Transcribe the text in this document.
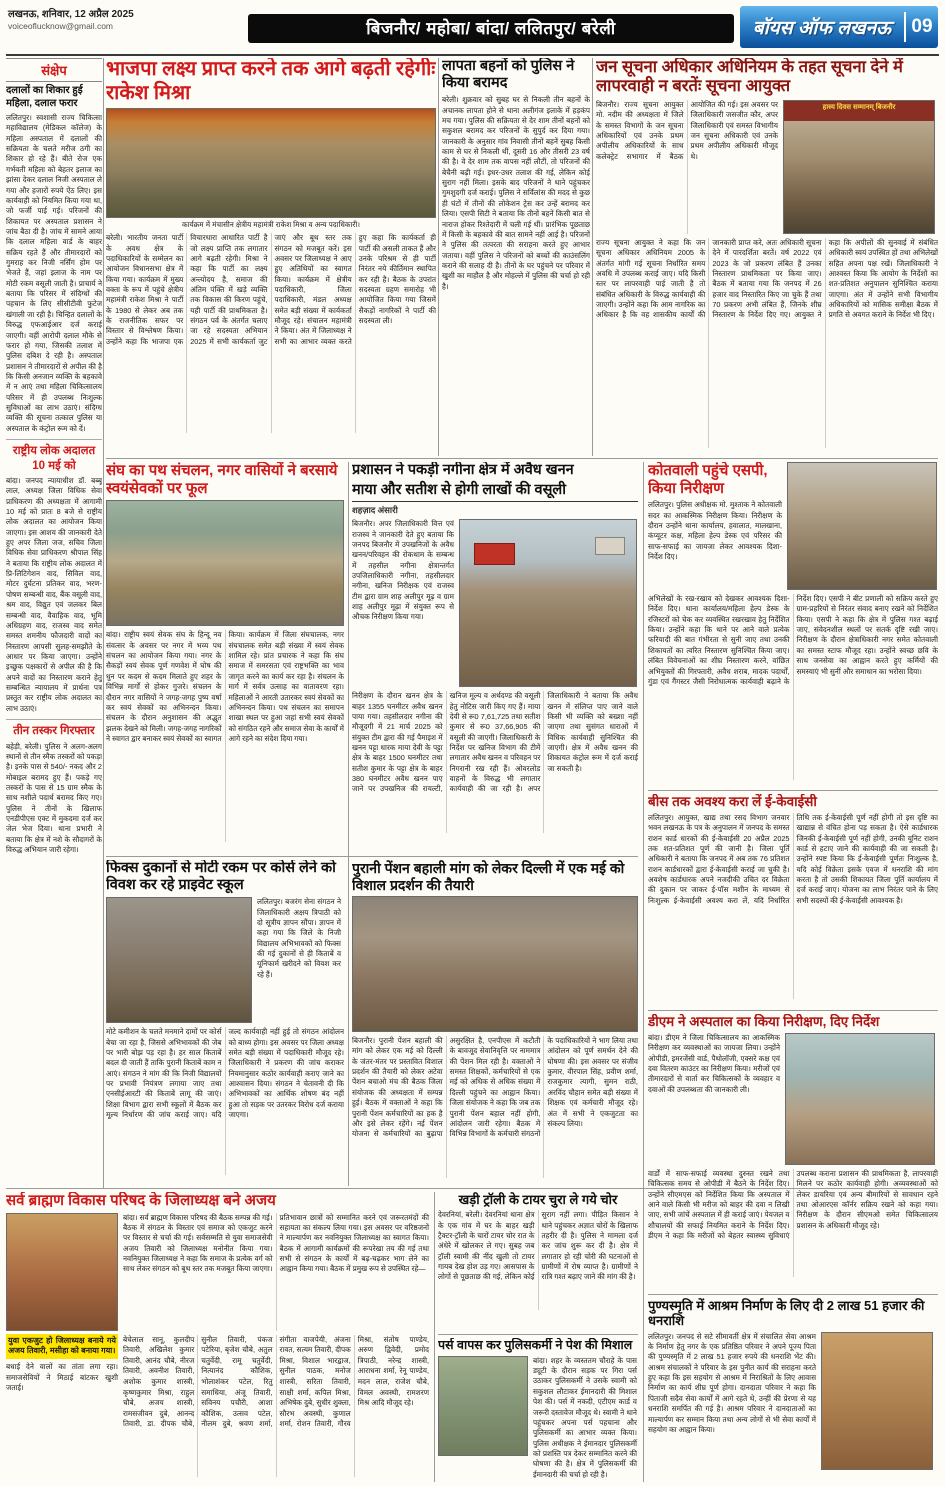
लखनऊ, शनिवार, 12 अप्रैल 2025
voiceoflucknow@gmail.com	बिजनौर/ महोबा/ बांदा/ ललितपुर/ बरेली	बॉयस ऑफ लखनऊ	09
संक्षेप
दलालों का शिकार हुई महिला, दलाल फरार
ललितपुर। स्वशासी राज्य चिकित्सा महाविद्यालय (मेडिकल कॉलेज) के महिला अस्पताल में दलालों की सक्रियता के चलते मरीज ठगी का शिकार हो रहे हैं। बीते रोज एक गर्भवती महिला को बेहतर इलाज का झांसा देकर दलाल निजी अस्पताल ले गया और हजारों रुपये ऐंठ लिए। इस कार्यवाही को नियमित किया गया था, जो फर्जी पाई गई। परिजनों की शिकायत पर अस्पताल प्रशासन ने जांच बैठा दी है। जांच में सामने आया कि दलाल महिला वार्ड के बाहर सक्रिय रहते हैं और तीमारदारों को गुमराह कर निजी नर्सिंग होम पर भेजते हैं, जहां इलाज के नाम पर मोटी रकम वसूली जाती है। प्राचार्य ने बताया कि परिसर में संदिग्धों की पहचान के लिए सीसीटीवी फुटेज खंगाली जा रही है। चिन्हित दलालों के विरुद्ध एफआईआर दर्ज कराई जाएगी। वहीं आरोपी दलाल मौके से फरार हो गया, जिसकी तलाश में पुलिस दबिश दे रही है। अस्पताल प्रशासन ने तीमारदारों से अपील की है कि किसी अनजान व्यक्ति के बहकावे में न आएं तथा महिला चिकित्सालय परिसर में ही उपलब्ध निःशुल्क सुविधाओं का लाभ उठाएं। संदिग्ध व्यक्ति की सूचना तत्काल पुलिस या अस्पताल के कंट्रोल रूम को दें।
राष्ट्रीय लोक अदालत 10 मई को
बांदा। जनपद न्यायाधीश डॉ. बब्बू लाल, अध्यक्ष जिला विधिक सेवा प्राधिकरण की अध्यक्षता में आगामी 10 मई को प्रातः 8 बजे से राष्ट्रीय लोक अदालत का आयोजन किया जाएगा। इस आशय की जानकारी देते हुए अपर जिला जज, सचिव जिला विधिक सेवा प्राधिकरण श्रीपाल सिंह ने बताया कि राष्ट्रीय लोक अदालत में प्रि-लिटिगेशन वाद, सिविल वाद, मोटर दुर्घटना प्रतिकर वाद, भरण-पोषण सम्बन्धी वाद, बैंक वसूली वाद, श्रम वाद, विद्युत एवं जलकर बिल सम्बन्धी वाद, वैवाहिक वाद, भूमि अधिग्रहण वाद, राजस्व वाद समेत समस्त शमनीय फौजदारी वादों का निस्तारण आपसी सुलह-समझौते के आधार पर किया जाएगा। उन्होंने इच्छुक पक्षकारों से अपील की है कि अपने वादों का निस्तारण कराने हेतु सम्बन्धित न्यायालय में प्रार्थना पत्र प्रस्तुत कर राष्ट्रीय लोक अदालत का लाभ उठाएं।
तीन तस्कर गिरफ्तार
बहेड़ी, बरेली। पुलिस ने अलग-अलग स्थानों से तीन स्मैक तस्करों को पकड़ा है। इनके पास से 540/- नकद और 2 मोबाइल बरामद हुए हैं। पकड़े गए तस्करों के पास से 15 ग्राम स्मैक के साथ नशीले पदार्थ बरामद किए गए। पुलिस ने तीनों के खिलाफ एनडीपीएस एक्ट में मुकदमा दर्ज कर जेल भेज दिया। थाना प्रभारी ने बताया कि क्षेत्र में नशे के सौदागरों के विरुद्ध अभियान जारी रहेगा।
भाजपा लक्ष्य प्राप्त करने तक आगे बढ़ती रहेगीः राकेश मिश्रा
कार्यक्रम में मंचासीन क्षेत्रीय महामंत्री राकेश मिश्रा व अन्य पदाधिकारी।
बरेली। भारतीय जनता पार्टी के अवध क्षेत्र के पदाधिकारियों के सम्मेलन का आयोजन विधानसभा क्षेत्र में किया गया। कार्यक्रम में मुख्य वक्ता के रूप में पहुंचे क्षेत्रीय महामंत्री राकेश मिश्रा ने पार्टी के 1980 से लेकर अब तक के राजनीतिक सफर पर विस्तार से विश्लेषण किया। उन्होंने कहा कि भाजपा एक विचारधारा आधारित पार्टी है जो लक्ष्य प्राप्ति तक लगातार आगे बढ़ती रहेगी। मिश्रा ने कहा कि पार्टी का लक्ष्य अन्त्योदय है, समाज की अंतिम पंक्ति में खड़े व्यक्ति तक विकास की किरण पहुंचे, यही पार्टी की प्राथमिकता है। संगठन पर्व के अंतर्गत चलाए जा रहे सदस्यता अभियान 2025 में सभी कार्यकर्ता जुट जाएं और बूथ स्तर तक संगठन को मजबूत करें। इस अवसर पर जिलाध्यक्ष ने आए हुए अतिथियों का स्वागत किया। कार्यक्रम में क्षेत्रीय पदाधिकारी, जिला पदाधिकारी, मंडल अध्यक्ष समेत बड़ी संख्या में कार्यकर्ता मौजूद रहे। संचालन महामंत्री ने किया। अंत में जिलाध्यक्ष ने सभी का आभार व्यक्त करते हुए कहा कि कार्यकर्ता ही पार्टी की असली ताकत हैं और उनके परिश्रम से ही पार्टी निरंतर नये कीर्तिमान स्थापित कर रही है। बैठक के उपरांत सदस्यता ग्रहण समारोह भी आयोजित किया गया जिसमें सैकड़ों नागरिकों ने पार्टी की सदस्यता ली।
लापता बहनों को पुलिस ने किया बरामद
बरेली। शुक्रवार को सुबह घर से निकली तीन बहनों के अचानक लापता होने से थाना अलीगंज इलाके में हड़कंप मच गया। पुलिस की सक्रियता से देर शाम तीनों बहनों को सकुशल बरामद कर परिजनों के सुपुर्द कर दिया गया। जानकारी के अनुसार गांव निवासी तीनों बहनें सुबह किसी काम से घर से निकली थीं, दूसरी 16 और तीसरी 23 वर्ष की है। वे देर शाम तक वापस नहीं लौटीं, तो परिजनों की बेचैनी बढ़ी गई। इधर-उधर तलाश की गई, लेकिन कोई सुराग नहीं मिला। इसके बाद परिजनों ने थाने पहुंचकर गुमशुदगी दर्ज कराई। पुलिस ने सर्विलांस की मदद से कुछ ही घंटों में तीनों की लोकेशन ट्रेस कर उन्हें बरामद कर लिया। एसपी सिटी ने बताया कि तीनों बहनें किसी बात से नाराज होकर रिश्तेदारी में चली गई थीं। प्रारंभिक पूछताछ में किसी के बहकावे की बात सामने नहीं आई है। परिजनों ने पुलिस की तत्परता की सराहना करते हुए आभार जताया। वहीं पुलिस ने परिजनों को बच्चों की काउंसलिंग कराने की सलाह दी है। तीनों के घर पहुंचने पर परिवार में खुशी का माहौल है और मोहल्ले में पुलिस की चर्चा हो रही है।
जन सूचना अधिकार अधिनियम के तहत सूचना देने में लापरवाही न बरतेंः सूचना आयुक्त
बिजनौर। राज्य सूचना आयुक्त मो. नदीम की अध्यक्षता में जिले के समस्त विभागों के जन सूचना अधिकारियों एवं उनके प्रथम अपीलीय अधिकारियों के साथ कलेक्ट्रेट सभागार में बैठक आयोजित की गई। इस अवसर पर जिलाधिकारी जसजीत कौर, अपर जिलाधिकारी एवं समस्त विभागीय जन सूचना अधिकारी एवं उनके प्रथम अपीलीय अधिकारी मौजूद थे।
हास्य दिवस सम्मानम् बिजनौर
राज्य सूचना आयुक्त ने कहा कि जन सूचना अधिकार अधिनियम 2005 के अंतर्गत मांगी गई सूचना निर्धारित समय अवधि में उपलब्ध कराई जाए। यदि किसी स्तर पर लापरवाही पाई जाती है तो संबंधित अधिकारी के विरुद्ध कार्यवाही की जाएगी। उन्होंने कहा कि आम नागरिक का अधिकार है कि वह शासकीय कार्यों की जानकारी प्राप्त करे, अतः अधिकारी सूचना देने में पारदर्शिता बरतें। वर्ष 2022 एवं 2023 के जो प्रकरण लंबित हैं उनका निस्तारण प्राथमिकता पर किया जाए। बैठक में बताया गया कि जनपद में 26 हजार वाद निस्तारित किए जा चुके हैं तथा 70 प्रकरण अभी लंबित हैं, जिनके शीघ्र निस्तारण के निर्देश दिए गए। आयुक्त ने कहा कि अपीलों की सुनवाई में संबंधित अधिकारी स्वयं उपस्थित हों तथा अभिलेखों सहित अपना पक्ष रखें। जिलाधिकारी ने आश्वस्त किया कि आयोग के निर्देशों का शत-प्रतिशत अनुपालन सुनिश्चित कराया जाएगा। अंत में उन्होंने सभी विभागीय अधिकारियों को मासिक समीक्षा बैठक में प्रगति से अवगत कराने के निर्देश भी दिए।
संघ का पथ संचलन, नगर वासियों ने बरसाये स्वयंसेवकों पर फूल
बांदा। राष्ट्रीय स्वयं सेवक संघ के हिन्दू नव संवत्सर के अवसर पर नगर में भव्य पथ संचलन का आयोजन किया गया। नगर के सैकड़ों स्वयं सेवक पूर्ण गणवेश में घोष की धुन पर कदम से कदम मिलाते हुए शहर के विभिन्न मार्गों से होकर गुजरे। संचलन के दौरान नगर वासियों ने जगह-जगह पुष्प वर्षा कर स्वयं सेवकों का अभिनन्दन किया। संचलन के दौरान अनुशासन की अद्भुत झलक देखने को मिली। जगह-जगह नागरिकों ने स्वागत द्वार बनाकर स्वयं सेवकों का स्वागत किया। कार्यक्रम में जिला संघचालक, नगर संघचालक समेत बड़ी संख्या में स्वयं सेवक शामिल रहे। प्रांत प्रचारक ने कहा कि संघ समाज में समरसता एवं राष्ट्रभक्ति का भाव जागृत करने का कार्य कर रहा है। संचलन के मार्ग में सर्वत्र उत्साह का वातावरण रहा। महिलाओं ने आरती उतारकर स्वयं सेवकों का अभिनन्दन किया। पथ संचलन का समापन शाखा स्थल पर हुआ जहां सभी स्वयं सेवकों को संगठित रहने और समाज सेवा के कार्यों में आगे रहने का संदेश दिया गया।
प्रशासन ने पकड़ी नगीना क्षेत्र में अवैध खनन
माया और सतीश से होगी लाखों की वसूली
शहज़ाद अंसारी
बिजनौर। अपर जिलाधिकारी वित्त एवं राजस्व ने जानकारी देते हुए बताया कि जनपद बिजनौर में उपखनिजों के अवैध खनन/परिवहन की रोकथाम के सम्बन्ध में तहसील नगीना क्षेत्रान्तर्गत उपजिलाधिकारी नगीना, तहसीलदार नगीना, खनिज निरीक्षक एवं राजस्व टीम द्वारा ग्राम शाह अलीपुर मूढ़ व ग्राम शाह अलीपुर मूढ़ा में संयुक्त रूप से औचक निरीक्षण किया गया।
निरीक्षण के दौरान खनन क्षेत्र के बाहर 1355 घनमीटर अवैध खनन पाया गया। तहसीलदार नगीना की मौजूदगी में 21 मार्च 2025 को संयुक्त टीम द्वारा की गई पैमाइश में खनन पट्टा धारक माया देवी के पट्टा क्षेत्र के बाहर 1500 घनमीटर तथा सतीश कुमार के पट्टा क्षेत्र के बाहर 380 घनमीटर अवैध खनन पाए जाने पर उपखनिज की रायल्टी, खनिज मूल्य व अर्थदण्ड की वसूली हेतु नोटिस जारी किए गए हैं। माया देवी से रू0 7,61,725 तथा सतीश कुमार से रू0 37,66,905 की वसूली की जाएगी। जिलाधिकारी के निर्देश पर खनिज विभाग की टीमें लगातार अवैध खनन व परिवहन पर निगरानी रख रही हैं। ओवरलोड वाहनों के विरुद्ध भी लगातार कार्यवाही की जा रही है। अपर जिलाधिकारी ने बताया कि अवैध खनन में संलिप्त पाए जाने वाले किसी भी व्यक्ति को बख्शा नहीं जाएगा तथा सुसंगत धाराओं में विधिक कार्यवाही सुनिश्चित की जाएगी। क्षेत्र में अवैध खनन की शिकायत कंट्रोल रूम में दर्ज कराई जा सकती है।
कोतवाली पहुंचे एसपी, किया निरीक्षण
ललितपुर। पुलिस अधीक्षक मो. मुश्ताक ने कोतवाली सदर का आकस्मिक निरीक्षण किया। निरीक्षण के दौरान उन्होंने थाना कार्यालय, हवालात, मालखाना, कंप्यूटर कक्ष, महिला हेल्प डेस्क एवं परिसर की साफ-सफाई का जायजा लेकर आवश्यक दिशा-निर्देश दिए।
अभिलेखों के रख-रखाव को देखकर आवश्यक दिशा-निर्देश दिए। थाना कार्यालय/महिला हेल्प डेस्क के रजिस्टरों को चेक कर व्यवस्थित रखरखाव हेतु निर्देशित किया। उन्होंने कहा कि थाने पर आने वाले प्रत्येक फरियादी की बात गंभीरता से सुनी जाए तथा उनकी शिकायतों का त्वरित निस्तारण सुनिश्चित किया जाए। लंबित विवेचनाओं का शीघ्र निस्तारण करने, वांछित अभियुक्तों की गिरफ्तारी, अवैध शराब, मादक पदार्थों, गुंडा एवं गैंगस्टर जैसी निरोधात्मक कार्यवाही बढ़ाने के निर्देश दिए। एसपी ने बीट प्रणाली को सक्रिय करते हुए ग्राम-प्रहरियों से निरंतर संवाद बनाए रखने को निर्देशित किया। एसपी ने कहा कि क्षेत्र में पुलिस गश्त बढ़ाई जाए, संवेदनशील स्थलों पर सतर्क दृष्टि रखी जाए। निरीक्षण के दौरान क्षेत्राधिकारी नगर समेत कोतवाली का समस्त स्टाफ मौजूद रहा। उन्होंने स्वच्छ छवि के साथ जनसेवा का आह्वान करते हुए कर्मियों की समस्याएं भी सुनीं और समाधान का भरोसा दिया।
बीस तक अवश्य करा लें ई-केवाईसी
ललितपुर। आयुक्त, खाद्य तथा रसद विभाग जनवार भवन लखनऊ के पत्र के अनुपालन में जनपद के समस्त राशन कार्ड धारकों की ई-केवाईसी 20 अप्रैल 2025 तक शत-प्रतिशत पूर्ण की जानी है। जिला पूर्ति अधिकारी ने बताया कि जनपद में अब तक 76 प्रतिशत राशन कार्डधारकों द्वारा ई-केवाईसी कराई जा चुकी है। अवशेष कार्डधारक अपने नजदीकी उचित दर विक्रेता की दुकान पर जाकर ई-पॉस मशीन के माध्यम से निःशुल्क ई-केवाईसी अवश्य करा लें, यदि निर्धारित तिथि तक ई-केवाईसी पूर्ण नहीं होगी तो इस दृष्टि का खाद्यान्न से वंचित होना पड़ सकता है। ऐसे कार्डधारक जिनकी ई-केवाईसी पूर्ण नहीं होगी, उनकी यूनिट राशन कार्ड से हटाए जाने की कार्यवाही की जा सकती है। उन्होंने स्पष्ट किया कि ई-केवाईसी पूर्णतः निःशुल्क है, यदि कोई विक्रेता इसके एवज में धनराशि की मांग करता है तो उसकी शिकायत जिला पूर्ति कार्यालय में दर्ज कराई जाए। योजना का लाभ निरंतर पाने के लिए सभी सदस्यों की ई-केवाईसी आवश्यक है।
फिक्स दुकानों से मोटी रकम पर कोर्स लेने को विवश कर रहे प्राइवेट स्कूल
ललितपुर। बजरंग सेना संगठन ने जिलाधिकारी अक्षय त्रिपाठी को दो सूत्रीय ज्ञापन सौंपा। ज्ञापन में कहा गया कि जिले के निजी विद्यालय अभिभावकों को फिक्स की गई दुकानों से ही किताबें व यूनिफार्म खरीदने को विवश कर रहे हैं।
मोटे कमीशन के चलते मनमाने दामों पर कोर्स बेचा जा रहा है, जिससे अभिभावकों की जेब पर भारी बोझ पड़ रहा है। हर साल किताबें बदल दी जाती हैं ताकि पुरानी किताबें काम न आएं। संगठन ने मांग की कि निजी विद्यालयों पर प्रभावी नियंत्रण लगाया जाए तथा एनसीईआरटी की किताबें लागू की जाएं। शिक्षा विभाग द्वारा सभी स्कूलों में बैठक कर मूल्य निर्धारण की जांच कराई जाए। यदि जल्द कार्यवाही नहीं हुई तो संगठन आंदोलन को बाध्य होगा। इस अवसर पर जिला अध्यक्ष समेत बड़ी संख्या में पदाधिकारी मौजूद रहे। जिलाधिकारी ने प्रकरण की जांच कराकर नियमानुसार कठोर कार्यवाही कराए जाने का आश्वासन दिया। संगठन ने चेतावनी दी कि अभिभावकों का आर्थिक शोषण बंद नहीं हुआ तो सड़क पर उतरकर विरोध दर्ज कराया जाएगा।
पुरानी पेंशन बहाली मांग को लेकर दिल्ली में एक मई को विशाल प्रदर्शन की तैयारी
बिजनौर। पुरानी पेंशन बहाली की मांग को लेकर एक मई को दिल्ली के जंतर-मंतर पर प्रस्तावित विशाल प्रदर्शन की तैयारी को लेकर अटेवा पेंशन बचाओ मंच की बैठक जिला संयोजक की अध्यक्षता में सम्पन्न हुई। बैठक में वक्ताओं ने कहा कि पुरानी पेंशन कर्मचारियों का हक है और इसे लेकर रहेंगे। नई पेंशन योजना से कर्मचारियों का बुढ़ापा असुरक्षित है, एनपीएस में कटौती के बावजूद सेवानिवृत्ति पर नाममात्र की पेंशन मिल रही है। वक्ताओं ने समस्त शिक्षकों, कर्मचारियों से एक मई को अधिक से अधिक संख्या में दिल्ली पहुंचने का आह्वान किया। जिला संयोजक ने कहा कि जब तक पुरानी पेंशन बहाल नहीं होगी, आंदोलन जारी रहेगा। बैठक में विभिन्न विभागों के कर्मचारी संगठनों के पदाधिकारियों ने भाग लिया तथा आंदोलन को पूर्ण समर्थन देने की घोषणा की। इस अवसर पर संजीव कुमार, वीरपाल सिंह, प्रवीण शर्मा, राजकुमार त्यागी, सुमन राठी, अरविंद चौहान समेत बड़ी संख्या में शिक्षक एवं कर्मचारी मौजूद रहे। अंत में सभी ने एकजुटता का संकल्प लिया।
डीएम ने अस्पताल का किया निरीक्षण, दिए निर्देश
बांदा। डीएम ने जिला चिकित्सालय का आकस्मिक निरीक्षण कर व्यवस्थाओं का जायजा लिया। उन्होंने ओपीडी, इमरजेंसी वार्ड, पैथोलॉजी, एक्सरे कक्ष एवं दवा वितरण काउंटर का निरीक्षण किया। मरीजों एवं तीमारदारों से वार्ता कर चिकित्सकों के व्यवहार व दवाओं की उपलब्धता की जानकारी ली।
वार्डों में साफ-सफाई व्यवस्था दुरुस्त रखने तथा चिकित्सक समय से ओपीडी में बैठने के निर्देश दिए। उन्होंने सीएमएस को निर्देशित किया कि अस्पताल में आने वाले किसी भी मरीज को बाहर की दवा न लिखी जाए, सभी जांचें अस्पताल में ही कराई जाएं। पेयजल व शौचालयों की सफाई नियमित कराने के निर्देश दिए। डीएम ने कहा कि मरीजों को बेहतर स्वास्थ्य सुविधाएं उपलब्ध कराना प्रशासन की प्राथमिकता है, लापरवाही मिलने पर कठोर कार्यवाही होगी। अव्यवस्थाओं को लेकर डायरिया एवं अन्य बीमारियों से सावधान रहने तथा ओआरएस कॉर्नर सक्रिय रखने को कहा गया। निरीक्षण के दौरान सीएमओ समेत चिकित्सालय प्रशासन के अधिकारी मौजूद रहे।
सर्व ब्राह्मण विकास परिषद के जिलाध्यक्ष बने अजय
युवा एकजुट हो जिलाध्यक्ष बनाये गये अजय तिवारी, मसीहा को बनाया गया।
बधाई देने वालों का तांता लगा रहा। समाजसेवियों ने मिठाई बांटकर खुशी जताई।
बांदा। सर्व ब्राह्मण विकास परिषद की बैठक सम्पन्न की गई। बैठक में संगठन के विस्तार एवं समाज को एकजुट करने पर विस्तार से चर्चा की गई। सर्वसम्मति से युवा समाजसेवी अजय तिवारी को जिलाध्यक्ष मनोनीत किया गया। नवनियुक्त जिलाध्यक्ष ने कहा कि समाज के प्रत्येक वर्ग को साथ लेकर संगठन को बूथ स्तर तक मजबूत किया जाएगा। प्रतिभावान छात्रों को सम्मानित करने एवं जरूरतमंदों की सहायता का संकल्प लिया गया। इस अवसर पर वरिष्ठजनों ने माल्यार्पण कर नवनियुक्त जिलाध्यक्ष का स्वागत किया। बैठक में आगामी कार्यक्रमों की रूपरेखा तय की गई तथा सभी से संगठन के कार्यों में बढ़-चढ़कर भाग लेने का आह्वान किया गया। बैठक में प्रमुख रूप से उपस्थित रहे—
बेचेलाल सानू, कुलदीप तिवारी, अखिलेश कुमार तिवारी, आनंद चौबे, नीरज तिवारी, अवनीश तिवारी, अशोक कुमार शास्त्री, कृष्णकुमार मिश्रा, राहुल चौबे, अजय शास्त्री, रामसजीवन दुबे, आनन्द तिवारी, डा. दीपक चौबे, सुनील तिवारी, पंकज पटेरिया, बृजेश चौबे, अतुल चतुर्वेदी, रामू चतुर्वेदी, नित्यानंद कौशिक, भोलाशंकर पटेल, रितु समाधिया, अंजू तिवारी, सविनय पचौरी, आशा कौशिक, उत्सव पटेल, नीलम दुबे, श्रवण शर्मा, संगीता वाजपेयी, अंजना रावत, सत्यम तिवारी, दीपक मिश्रा, विशाल भारद्वाज, सुनील पाठक, मनोज शास्त्री, सरिता तिवारी, साक्षी शर्मा, कपिल मिश्रा, अभिषेक दुबे, सुधीर शुक्ला, सौरभ अवस्थी, कुणाल शर्मा, रोशन तिवारी, गौरव मिश्रा, संतोष पाण्डेय, अरुण द्विवेदी, प्रमोद त्रिपाठी, नरेन्द्र शास्त्री, आराधना शर्मा, रेनू पाण्डेय, मदन लाल, राजेश चौबे, विमल अवस्थी, रामशरण मिश्र आदि मौजूद रहे।
खड़ी ट्रॉली के टायर चुरा ले गये चोर
देवरनियां, बरेली। देवरनियां थाना क्षेत्र के एक गांव में घर के बाहर खड़ी ट्रैक्टर-ट्रॉली के चारों टायर चोर रात के अंधेरे में खोलकर ले गए। सुबह जब ट्रॉली स्वामी की नींद खुली तो टायर गायब देख होश उड़ गए। आसपास के लोगों से पूछताछ की गई, लेकिन कोई सुराग नहीं लगा। पीड़ित किसान ने थाने पहुंचकर अज्ञात चोरों के खिलाफ तहरीर दी है। पुलिस ने मामला दर्ज कर जांच शुरू कर दी है। क्षेत्र में लगातार हो रही चोरी की घटनाओं से ग्रामीणों में रोष व्याप्त है। ग्रामीणों ने रात्रि गश्त बढ़ाए जाने की मांग की है।
पर्स वापस कर पुलिसकर्मी ने पेश की मिशाल
बांदा। शहर के व्यस्ततम चौराहे के पास ड्यूटी के दौरान सड़क पर गिरा पर्स उठाकर पुलिसकर्मी ने उसके स्वामी को सकुशल लौटाकर ईमानदारी की मिशाल पेश की। पर्स में नकदी, एटीएम कार्ड व जरूरी दस्तावेज मौजूद थे। स्वामी ने थाने पहुंचकर अपना पर्स पहचाना और पुलिसकर्मी का आभार व्यक्त किया। पुलिस अधीक्षक ने ईमानदार पुलिसकर्मी को प्रशस्ति पत्र देकर सम्मानित करने की घोषणा की है। क्षेत्र में पुलिसकर्मी की ईमानदारी की चर्चा हो रही है।
पुण्यस्मृति में आश्रम निर्माण के लिए दी 2 लाख 51 हजार की धनराशि
ललितपुर। जनपद से सटे सीमावर्ती क्षेत्र में संचालित सेवा आश्रम के निर्माण हेतु नगर के एक प्रतिष्ठित परिवार ने अपने पूज्य पिता की पुण्यस्मृति में 2 लाख 51 हजार रुपये की धनराशि भेंट की। आश्रम संचालकों ने परिवार के इस पुनीत कार्य की सराहना करते हुए कहा कि इस सहयोग से आश्रम में निराश्रितों के लिए आवास निर्माण का कार्य शीघ्र पूर्ण होगा। दानदाता परिवार ने कहा कि पिताजी सदैव सेवा कार्यों में आगे रहते थे, उन्हीं की प्रेरणा से यह धनराशि समर्पित की गई है। आश्रम परिवार ने दानदाताओं का माल्यार्पण कर सम्मान किया तथा अन्य लोगों से भी सेवा कार्यों में सहयोग का आह्वान किया।
